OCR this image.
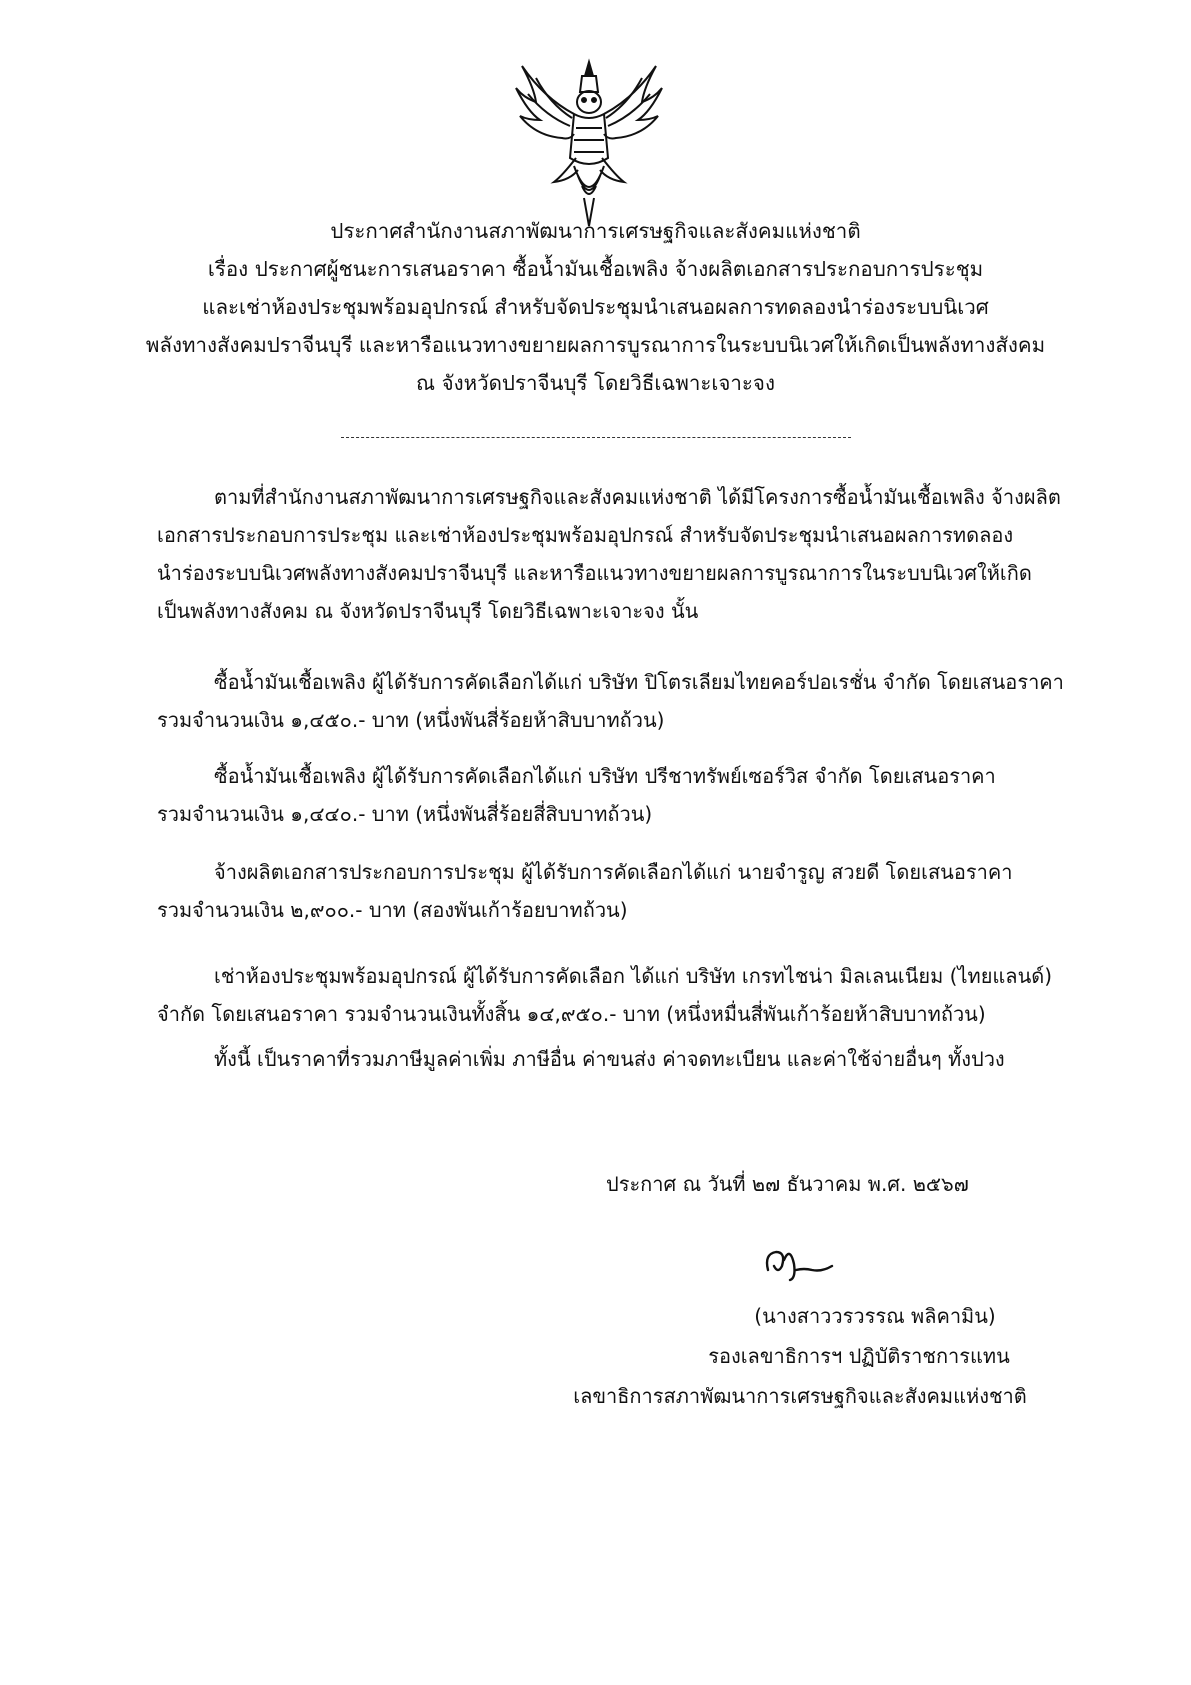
ประกาศสำนักงานสภาพัฒนาการเศรษฐกิจและสังคมแห่งชาติ
เรื่อง ประกาศผู้ชนะการเสนอราคา ซื้อน้ำมันเชื้อเพลิง จ้างผลิตเอกสารประกอบการประชุม
และเช่าห้องประชุมพร้อมอุปกรณ์ สำหรับจัดประชุมนำเสนอผลการทดลองนำร่องระบบนิเวศ
พลังทางสังคมปราจีนบุรี และหารือแนวทางขยายผลการบูรณาการในระบบนิเวศให้เกิดเป็นพลังทางสังคม
ณ จังหวัดปราจีนบุรี โดยวิธีเฉพาะเจาะจง
ตามที่สำนักงานสภาพัฒนาการเศรษฐกิจและสังคมแห่งชาติ ได้มีโครงการซื้อน้ำมันเชื้อเพลิง จ้างผลิต
เอกสารประกอบการประชุม และเช่าห้องประชุมพร้อมอุปกรณ์ สำหรับจัดประชุมนำเสนอผลการทดลอง
นำร่องระบบนิเวศพลังทางสังคมปราจีนบุรี และหารือแนวทางขยายผลการบูรณาการในระบบนิเวศให้เกิด
เป็นพลังทางสังคม ณ จังหวัดปราจีนบุรี โดยวิธีเฉพาะเจาะจง นั้น
ซื้อน้ำมันเชื้อเพลิง ผู้ได้รับการคัดเลือกได้แก่ บริษัท ปิโตรเลียมไทยคอร์ปอเรชั่น จำกัด โดยเสนอราคา
รวมจำนวนเงิน ๑,๔๕๐.- บาท (หนึ่งพันสี่ร้อยห้าสิบบาทถ้วน)
ซื้อน้ำมันเชื้อเพลิง ผู้ได้รับการคัดเลือกได้แก่ บริษัท ปรีชาทรัพย์เซอร์วิส จำกัด โดยเสนอราคา
รวมจำนวนเงิน ๑,๔๔๐.- บาท (หนึ่งพันสี่ร้อยสี่สิบบาทถ้วน)
จ้างผลิตเอกสารประกอบการประชุม ผู้ได้รับการคัดเลือกได้แก่ นายจำรูญ สวยดี โดยเสนอราคา
รวมจำนวนเงิน ๒,๙๐๐.- บาท (สองพันเก้าร้อยบาทถ้วน)
เช่าห้องประชุมพร้อมอุปกรณ์ ผู้ได้รับการคัดเลือก ได้แก่ บริษัท เกรทไชน่า มิลเลนเนียม (ไทยแลนด์)
จำกัด โดยเสนอราคา รวมจำนวนเงินทั้งสิ้น ๑๔,๙๕๐.- บาท (หนึ่งหมื่นสี่พันเก้าร้อยห้าสิบบาทถ้วน)
ทั้งนี้ เป็นราคาที่รวมภาษีมูลค่าเพิ่ม ภาษีอื่น ค่าขนส่ง ค่าจดทะเบียน และค่าใช้จ่ายอื่นๆ ทั้งปวง
ประกาศ ณ วันที่ ๒๗ ธันวาคม พ.ศ. ๒๕๖๗
(นางสาววรวรรณ พลิคามิน)
รองเลขาธิการฯ ปฏิบัติราชการแทน
เลขาธิการสภาพัฒนาการเศรษฐกิจและสังคมแห่งชาติ
